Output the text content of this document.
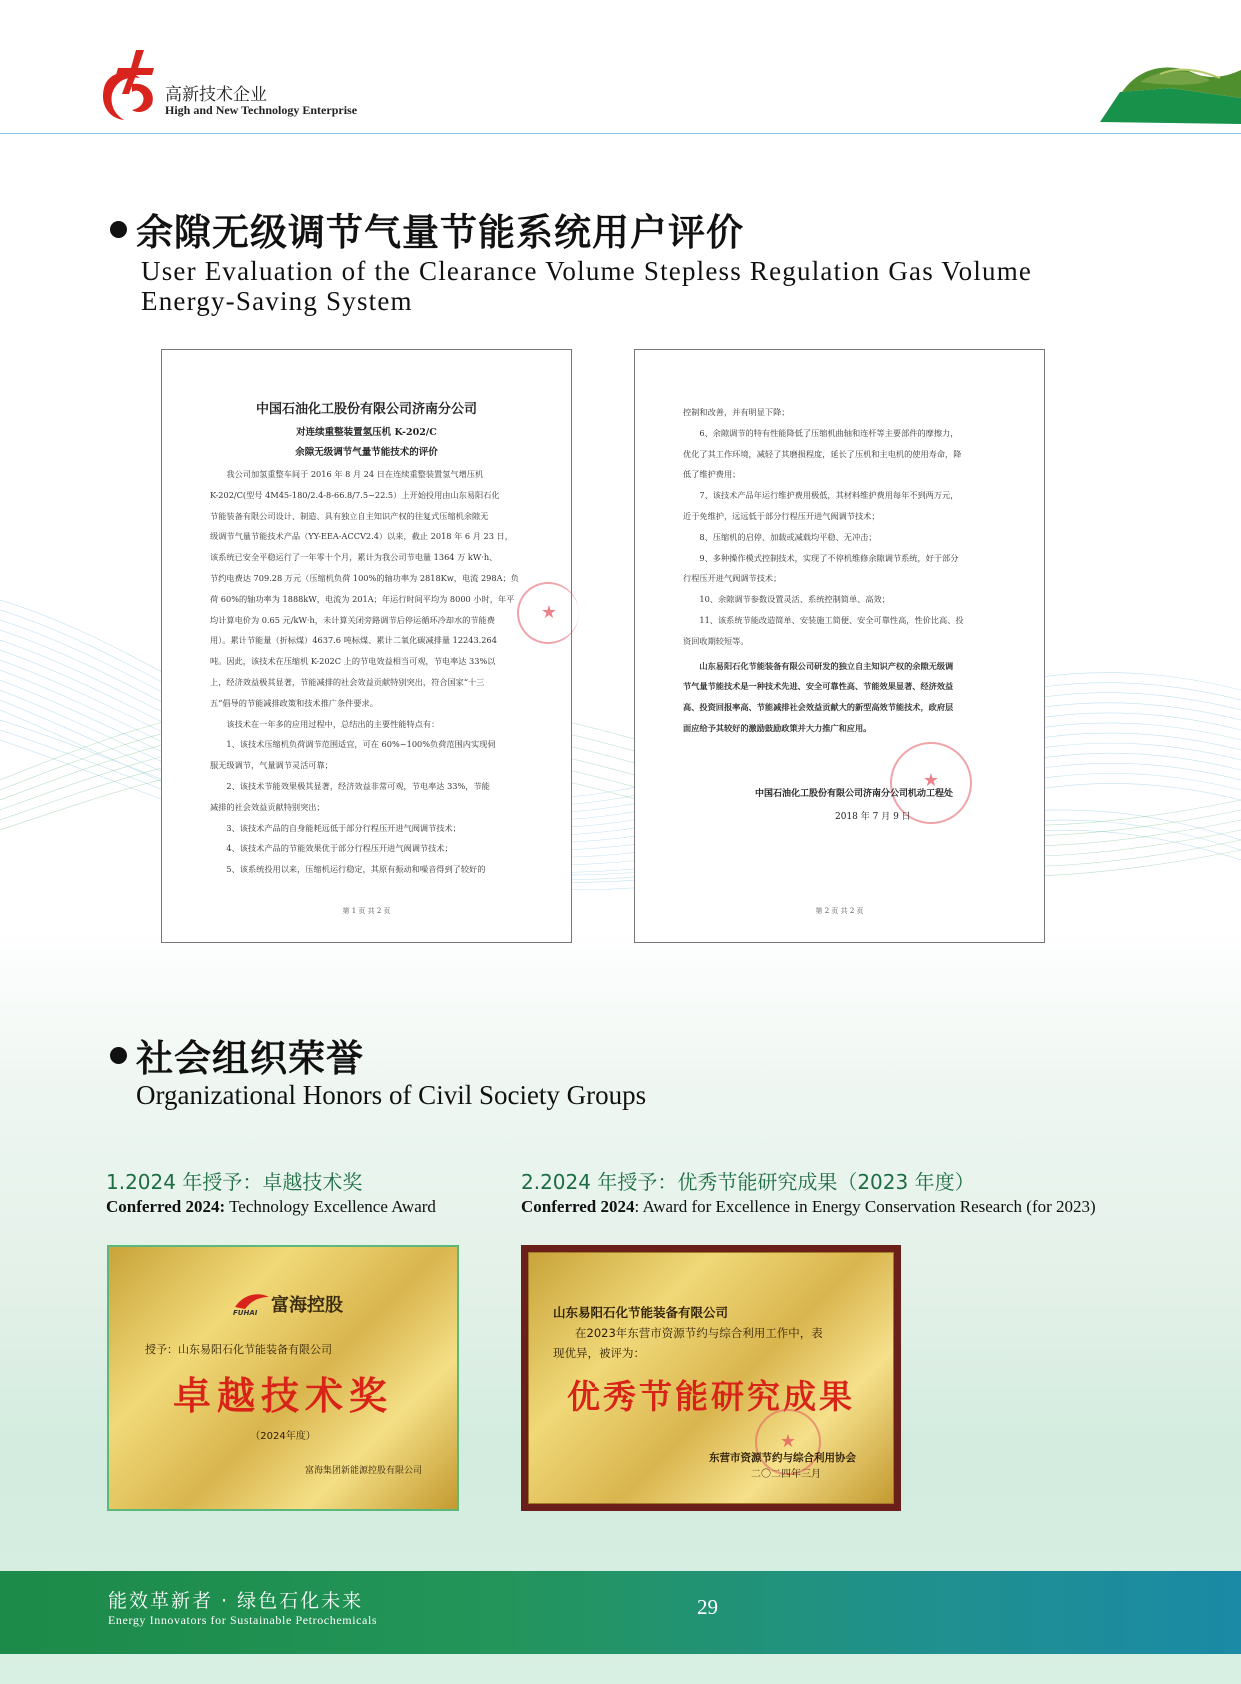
高新技术企业
High and New Technology Enterprise
余隙无级调节气量节能系统用户评价
User Evaluation of the Clearance Volume Stepless Regulation Gas Volume Energy-Saving System
中国石油化工股份有限公司济南分公司
对连续重整装置氢压机 K-202/C
余隙无级调节气量节能技术的评价
　　我公司加氢重整车间于 2016 年 8 月 24 日在连续重整装置氢气增压机
K-202/C(型号 4M45-180/2.4-8-66.8/7.5~22.5）上开始投用由山东易阳石化
节能装备有限公司设计、制造、具有独立自主知识产权的往复式压缩机余隙无
级调节气量节能技术产品（YY-EEA-ACCV2.4）以来，截止 2018 年 6 月 23 日，
该系统已安全平稳运行了一年零十个月，累计为我公司节电量 1364 万 kW·h、
节约电费达 709.28 万元（压缩机负荷 100%的轴功率为 2818Kw，电流 298A；负
荷 60%的轴功率为 1888kW，电流为 201A；年运行时间平均为 8000 小时，年平
均计算电价为 0.65 元/kW·h，未计算关闭旁路调节后停运循环冷却水的节能费
用）。累计节能量（折标煤）4637.6 吨标煤、累计二氧化碳减排量 12243.264
吨。因此，该技术在压缩机 K-202C 上的节电效益相当可观，节电率达 33%以
上，经济效益极其显著，节能减排的社会效益贡献特别突出，符合国家“十三
五”倡导的节能减排政策和技术推广条件要求。
　　该技术在一年多的应用过程中，总结出的主要性能特点有：
　　1、该技术压缩机负荷调节范围适宜，可在 60%~100%负荷范围内实现伺
服无级调节，气量调节灵活可靠；
　　2、该技术节能效果极其显著，经济效益非常可观，节电率达 33%，节能
减排的社会效益贡献特别突出；
　　3、该技术产品的自身能耗远低于部分行程压开进气阀调节技术；
　　4、该技术产品的节能效果优于部分行程压开进气阀调节技术；
　　5、该系统投用以来，压缩机运行稳定，其原有振动和噪音得到了较好的
★
第 1 页 共 2 页
控制和改善，并有明显下降；
　　6、余隙调节的特有性能降低了压缩机曲轴和连杆等主要部件的摩擦力，
优化了其工作环境，减轻了其磨损程度，延长了压机和主电机的使用寿命，降
低了维护费用；
　　7、该技术产品年运行维护费用极低，其材料维护费用每年不到两万元，
近于免维护，远远低于部分行程压开进气阀调节技术；
　　8、压缩机的启停、加载或减载均平稳、无冲击；
　　9、多种操作模式控制技术，实现了不停机维修余隙调节系统，好于部分
行程压开进气阀调节技术；
　　10、余隙调节参数设置灵活、系统控制简单、高效；
　　11、该系统节能改造简单、安装施工简便、安全可靠性高，性价比高、投
资回收期较短等。
　　山东易阳石化节能装备有限公司研发的独立自主知识产权的余隙无级调
节气量节能技术是一种技术先进、安全可靠性高、节能效果显著、经济效益
高、投资回报率高、节能减排社会效益贡献大的新型高效节能技术，政府层
面应给予其较好的激励鼓励政策并大力推广和应用。
★
中国石油化工股份有限公司济南分公司机动工程处
2018 年 7 月 9 日
第 2 页 共 2 页
社会组织荣誉
Organizational Honors of Civil Society Groups
1.2024 年授予：卓越技术奖
Conferred 2024: Technology Excellence Award
FUHAI 富海控股
授予：山东易阳石化节能装备有限公司
卓越技术奖
（2024年度）
富海集团新能源控股有限公司
2.2024 年授予：优秀节能研究成果（2023 年度）
Conferred 2024: Award for Excellence in Energy Conservation Research (for 2023)
山东易阳石化节能装备有限公司
在2023年东营市资源节约与综合利用工作中，表
现优异，被评为：
优秀节能研究成果
★
东营市资源节约与综合利用协会
二〇二四年三月
能效革新者 · 绿色石化未来
Energy Innovators for Sustainable Petrochemicals
29
